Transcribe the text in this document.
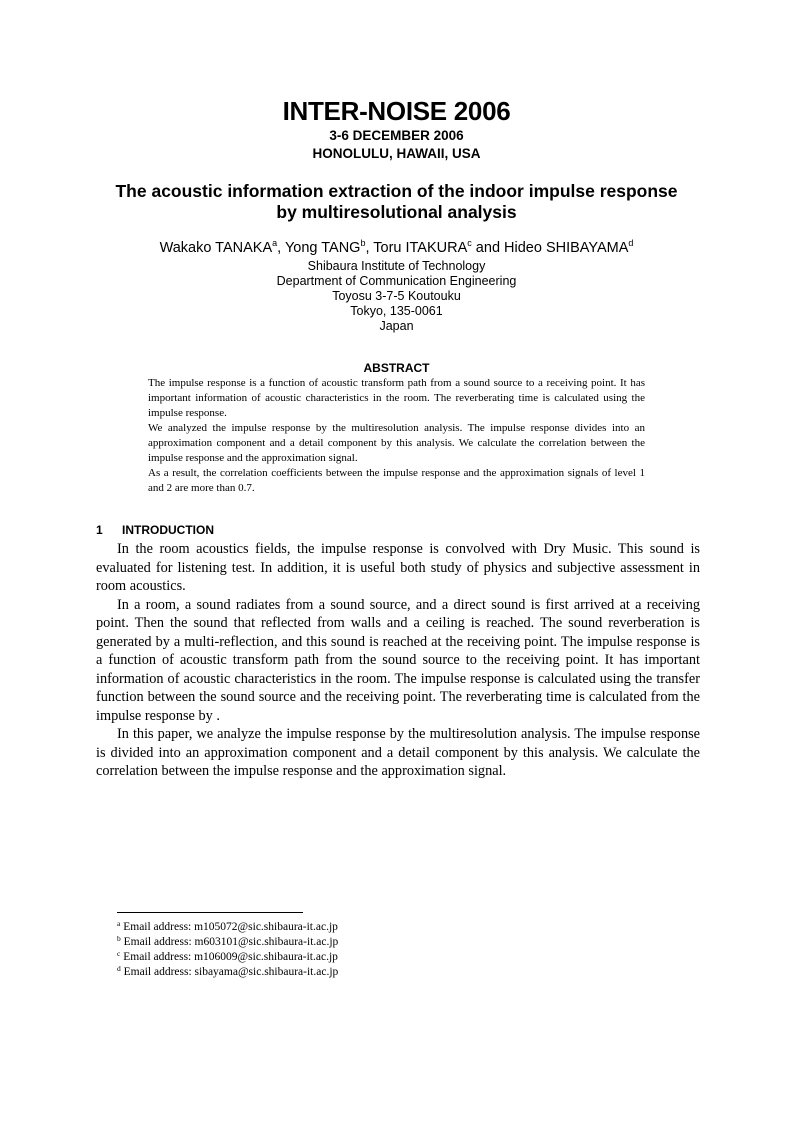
INTER-NOISE 2006
3-6 DECEMBER 2006
HONOLULU, HAWAII, USA
The acoustic information extraction of the indoor impulse response
by multiresolutional analysis
Wakako TANAKA$^a$, Yong TANG$^b$, Toru ITAKURA$^c$ and Hideo SHIBAYAMA$^d$
Shibaura Institute of Technology
Department of Communication Engineering
Toyosu 3-7-5 Koutouku
Tokyo, 135-0061
Japan
ABSTRACT

The impulse response is a function of acoustic transform path from a sound source to a receiving point. It has important information of acoustic characteristics in the room. The reverberating time is calculated using the impulse response.

We analyzed the impulse response by the multiresolution analysis. The impulse response divides into an approximation component and a detail component by this analysis. We calculate the correlation between the impulse response and the approximation signal.

As a result, the correlation coefficients between the impulse response and the approximation signals of level 1 and 2 are more than 0.7.

1 INTRODUCTION

In the room acoustics fields, the impulse response is convolved with Dry Music. This sound is evaluated for listening test. In addition, it is useful both study of physics and subjective assessment in room acoustics.

In a room, a sound radiates from a sound source, and a direct sound is first arrived at a receiving point. Then the sound that reflected from walls and a ceiling is reached. The sound reverberation is generated by a multi-reflection, and this sound is reached at the receiving point. The impulse response is a function of acoustic transform path from the sound source to the receiving point. It has important information of acoustic characteristics in the room. The impulse response is calculated using the transfer function between the sound source and the receiving point. The reverberating time is calculated from the impulse response by .

In this paper, we analyze the impulse response by the multiresolution analysis. The impulse response is divided into an approximation component and a detail component by this analysis. We calculate the correlation between the impulse response and the approximation signal.

$^a$ Email address: m105072@sic.shibaura-it.ac.jp
$^b$ Email address: m603101@sic.shibaura-it.ac.jp
$^c$ Email address: m106009@sic.shibaura-it.ac.jp
$^d$ Email address: sibayama@sic.shibaura-it.ac.jp
